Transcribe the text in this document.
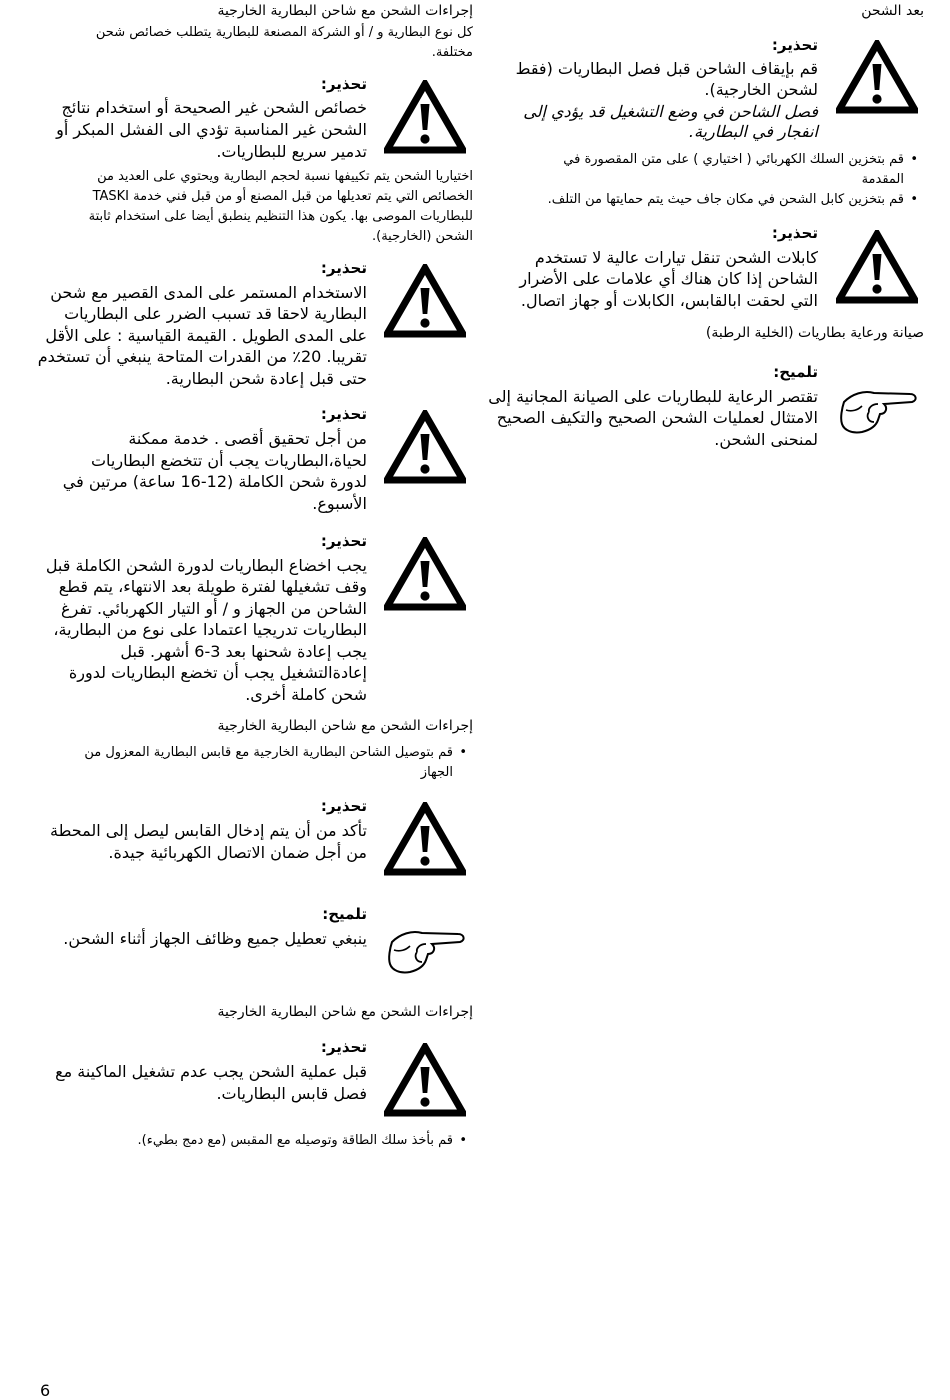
بعد الشحن
تحذير:
قم بإيقاف الشاحن قبل فصل البطاريات (فقط
لشحن الخارجية).
فصل الشاحن في وضع التشغيل قد يؤدي إلى
انفجار في البطارية.
•
قم بتخزين السلك الكهربائي ( اختياري ) على متن المقصورة في
المقدمة
•
قم بتخزين كابل الشحن في مكان جاف حيث يتم حمايتها من التلف.
تحذير:
كابلات الشحن تنقل تيارات عالية لا تستخدم
الشاحن إذا كان هناك أي علامات على الأضرار
التي لحقت ابالقابس، الكابلات أو جهاز اتصال.
صيانة ورعاية بطاريات (الخلية الرطبة)
تلميح:
تقتصر الرعاية للبطاريات على الصيانة المجانية إلى
الامتثال لعمليات الشحن الصحيح والتكيف الصحيح
لمنحنى الشحن.
إجراءات الشحن مع شاحن البطارية الخارجية
كل نوع البطارية و / أو الشركة المصنعة للبطارية يتطلب خصائص شحن
مختلفة.
تحذير:
خصائص الشحن غير الصحيحة أو استخدام نتائج
الشحن غير المناسبة تؤدي الى الفشل المبكر أو
تدمير سريع للبطاريات.
اختياريا الشحن يتم تكييفها نسبة لحجم البطارية ويحتوي على العديد من
الخصائص التي يتم تعديلها من قبل المصنع أو من قبل فني خدمة TASKI
للبطاريات الموصى بها. يكون هذا التنظيم ينطبق أيضا على استخدام ثابتة
الشحن (الخارجية).
تحذير:
الاستخدام المستمر على المدى القصير مع شحن
البطارية لاحقا قد تسبب الضرر على البطاريات
على المدى الطويل . القيمة القياسية : على الأقل
تقريبا. 20٪ من القدرات المتاحة ينبغي أن تستخدم
حتى قبل إعادة شحن البطارية.
تحذير:
من أجل تحقيق أقصى . خدمة ممكنة
لحياة،البطاريات يجب أن تتخضع البطاريات
لدورة شحن الكاملة (12-16 ساعة) مرتين في
الأسبوع.
تحذير:
يجب اخضاع البطاريات لدورة الشحن الكاملة قبل
وقف تشغيلها لفترة طويلة بعد الانتهاء، يتم قطع
الشاحن من الجهاز و / أو التيار الكهربائي. تفرغ
البطاريات تدريجيا اعتمادا على نوع من البطارية،
يجب إعادة شحنها بعد 3-6 أشهر. قبل
إعادةالتشغيل يجب أن تخضع البطاريات لدورة
شحن كاملة أخرى.
إجراءات الشحن مع شاحن البطارية الخارجية
•
قم بتوصيل الشاحن البطارية الخارجية مع قابس البطارية المعزول من
الجهاز
تحذير:
تأكد من أن يتم إدخال القابس ليصل إلى المحطة
من أجل ضمان الاتصال الكهربائية جيدة.
تلميح:
ينبغي تعطيل جميع وظائف الجهاز أثناء الشحن.
إجراءات الشحن مع شاحن البطارية الخارجية
تحذير:
قبل عملية الشحن يجب عدم تشغيل الماكينة مع
فصل قابس البطاريات.
•
قم بأخذ سلك الطاقة وتوصيله مع المقبس (مع دمج بطيء).
6
